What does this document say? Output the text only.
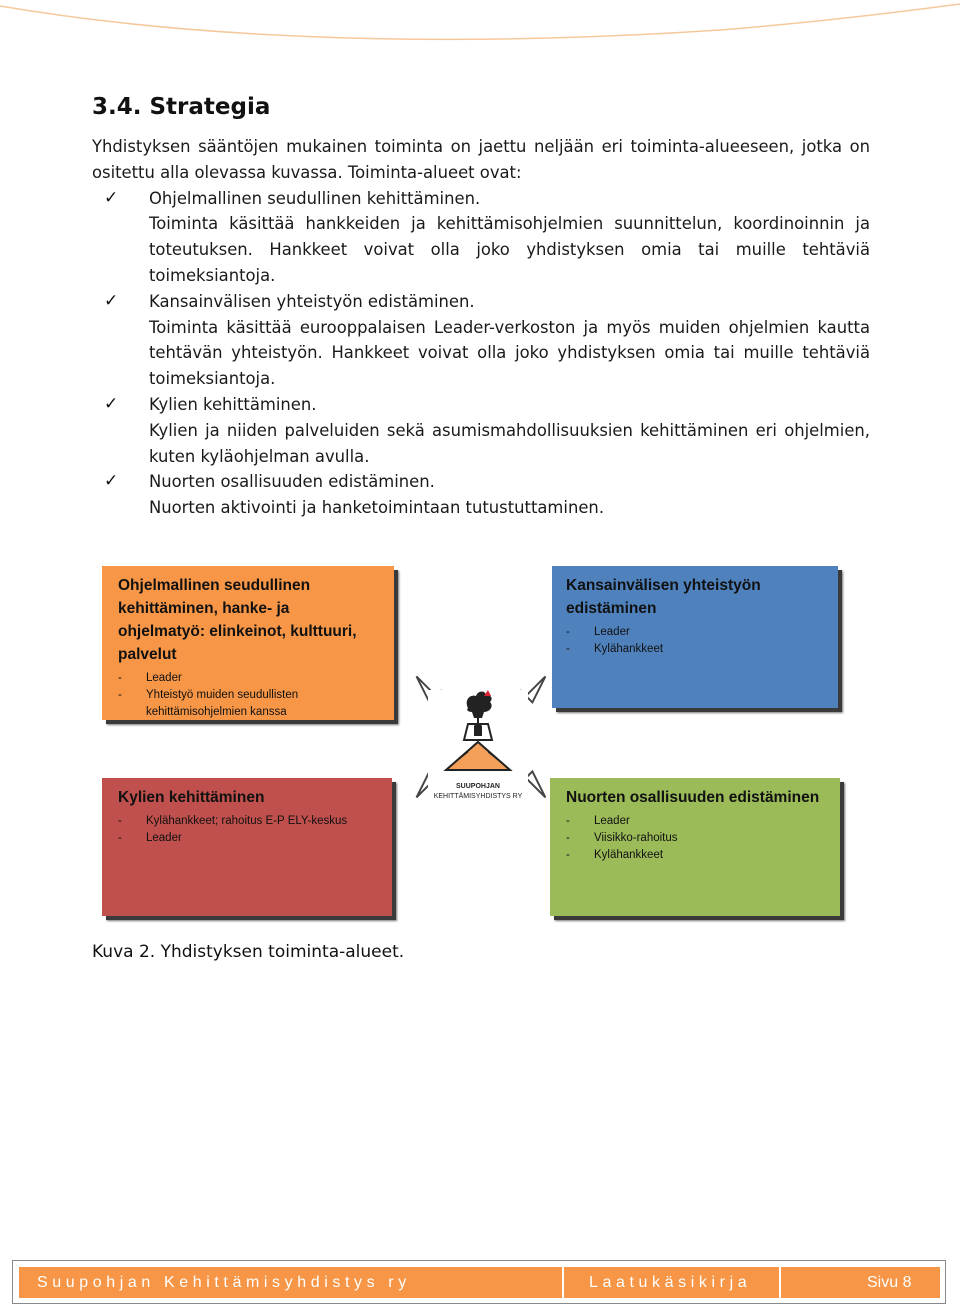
3.4. Strategia

Yhdistyksen sääntöjen mukainen toiminta on jaettu neljään eri toiminta-alueeseen, jotka on ositettu alla olevassa kuvassa. Toiminta-alueet ovat:

✓ Ohjelmallinen seudullinen kehittäminen.
Toiminta käsittää hankkeiden ja kehittämisohjelmien suunnittelun, koordinoinnin ja toteutuksen. Hankkeet voivat olla joko yhdistyksen omia tai muille tehtäviä toimeksiantoja.
✓ Kansainvälisen yhteistyön edistäminen.
Toiminta käsittää eurooppalaisen Leader-verkoston ja myös muiden ohjelmien kautta tehtävän yhteistyön. Hankkeet voivat olla joko yhdistyksen omia tai muille tehtäviä toimeksiantoja.
✓ Kylien kehittäminen.
Kylien ja niiden palveluiden sekä asumismahdollisuuksien kehittäminen eri ohjelmien, kuten kyläohjelman avulla.
✓ Nuorten osallisuuden edistäminen.
Nuorten aktivointi ja hanketoimintaan tutustuttaminen.
Ohjelmallinen seudullinen kehittäminen, hanke- ja ohjelmatyö: elinkeinot, kulttuuri, palvelut
- Leader
- Yhteistyö muiden seudullisten kehittämisohjelmien kanssa
Kansainvälisen yhteistyön edistäminen
- Leader
- Kylähankkeet
Kylien kehittäminen
- Kylähankkeet; rahoitus E-P ELY-keskus
- Leader
Nuorten osallisuuden edistäminen
- Leader
- Viisikko-rahoitus
- Kylähankkeet
SUUPOHJAN
KEHITTÄMISYHDISTYS RY
Kuva 2. Yhdistyksen toiminta-alueet.
Suupohjan Kehittämisyhdistys ry	Laatukäsikirja	Sivu 8
